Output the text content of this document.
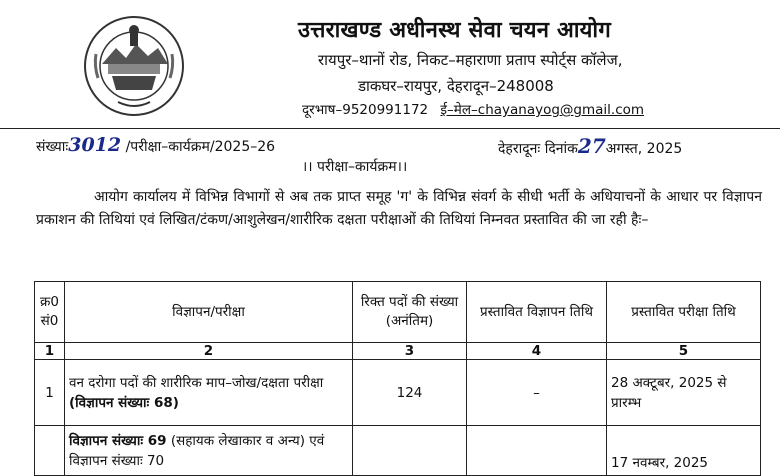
उत्तराखण्ड अधीनस्थ सेवा चयन आयोग
रायपुर–थानों रोड, निकट–महाराणा प्रताप स्पोर्ट्स कॉलेज,
डाकघर–रायपुर, देहरादून–248008
दूरभाष–9520991172 ई–मेल–chayanayog@gmail.com
संख्याः3012 /परीक्षा–कार्यक्रम/2025–26	देहरादूनः दिनांक27अगस्त, 2025
।। परीक्षा–कार्यक्रम।।
आयोग कार्यालय में विभिन्न विभागों से अब तक प्राप्त समूह 'ग' के विभिन्न संवर्ग के सीधी भर्ती के अधियाचनों के आधार पर विज्ञापन प्रकाशन की तिथियां एवं लिखित/टंकण/आशुलेखन/शारीरिक दक्षता परीक्षाओं की तिथियां निम्नवत प्रस्तावित की जा रही हैः–
क्र0 सं0	विज्ञापन/परीक्षा	रिक्त पदों की संख्या (अनंतिम)	प्रस्तावित विज्ञापन तिथि	प्रस्तावित परीक्षा तिथि
1	2	3	4	5
1	वन दरोगा पदों की शारीरिक माप–जोख/दक्षता परीक्षा (विज्ञापन संख्याः 68)	124	–	28 अक्टूबर, 2025 से प्रारम्भ
	विज्ञापन संख्याः 69 (सहायक लेखाकार व अन्य) एवं विज्ञापन संख्याः 70			17 नवम्बर, 2025
